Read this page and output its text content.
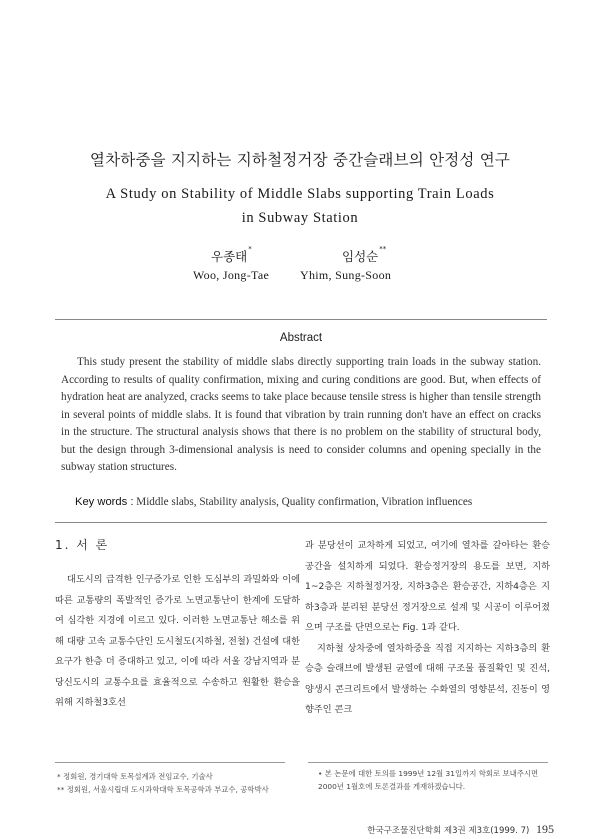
열차하중을 지지하는 지하철정거장 중간슬래브의 안정성 연구
A Study on Stability of Middle Slabs supporting Train Loads
in Subway Station
우종태*	임성순**
Woo, Jong-Tae	Yhim, Sung-Soon
Abstract
This study present the stability of middle slabs directly supporting train loads in the subway station. According to results of quality confirmation, mixing and curing conditions are good. But, when effects of hydration heat are analyzed, cracks seems to take place because tensile stress is higher than tensile strength in several points of middle slabs. It is found that vibration by train running don't have an effect on cracks in the structure. The structural analysis shows that there is no problem on the stability of structural body, but the design through 3-dimensional analysis is need to consider columns and opening specially in the subway station structures.
Key words : Middle slabs, Stability analysis, Quality confirmation, Vibration influences
1. 서 론

대도시의 급격한 인구증가로 인한 도심부의 과밀화와 이에 따른 교통량의 폭발적인 증가로 노면교통난이 한계에 도달하여 심각한 지경에 이르고 있다. 이러한 노면교통난 해소를 위해 대량 고속 교통수단인 도시철도(지하철, 전철) 건설에 대한 요구가 한층 더 증대하고 있고, 이에 따라 서울 강남지역과 분당신도시의 교통수요를 효율적으로 수송하고 원활한 환승을 위해 지하철3호선

과 분당선이 교차하게 되었고, 여기에 열차를 갈아타는 환승공간을 설치하게 되었다. 환승정거장의 용도를 보면, 지하1~2층은 지하철정거장, 지하3층은 환승공간, 지하4층은 지하3층과 분리된 분당선 정거장으로 설계 및 시공이 이루어졌으며 구조를 단면으로는 Fig. 1과 같다.

지하철 상차중에 열차하중을 직접 지지하는 지하3층의 환승층 슬래브에 발생된 균열에 대해 구조물 품질확인 및 진석, 양생시 콘크리트에서 발생하는 수화열의 영향분석, 진동이 영향주인 콘크

* 정회원, 경기대학 토목설계과 전임교수, 기술사

** 정회원, 서울시립대 도시과학대학 토목공학과 부교수, 공학박사

• 본 논문에 대한 토의를 1999년 12월 31일까지 학회로 보내주시면 2000년 1월호에 토론결과를 게재하겠습니다.

한국구조물진단학회 제3권 제3호(1999. 7) 195
